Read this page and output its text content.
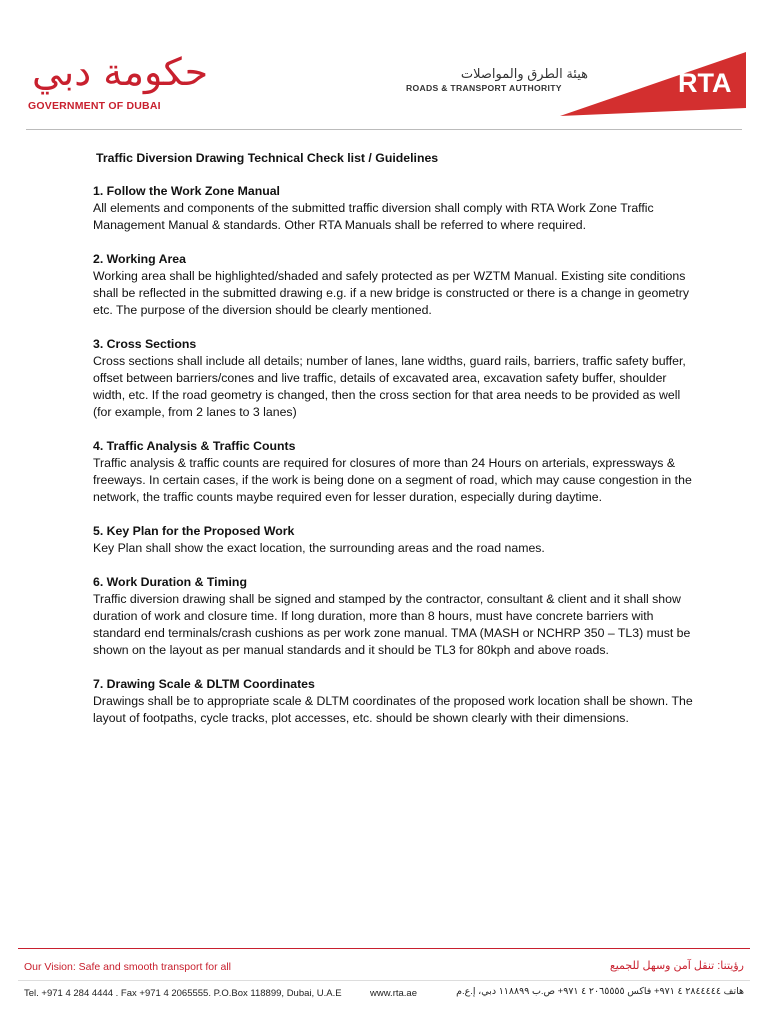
حكومة دبي
GOVERNMENT OF DUBAI
هيئة الطرق والمواصلات
ROADS & TRANSPORT AUTHORITY	RTA
Traffic Diversion Drawing Technical Check list / Guidelines
1. Follow the Work Zone Manual

All elements and components of the submitted traffic diversion shall comply with RTA Work Zone Traffic Management Manual & standards. Other RTA Manuals shall be referred to where required.

2. Working Area

Working area shall be highlighted/shaded and safely protected as per WZTM Manual. Existing site conditions shall be reflected in the submitted drawing e.g. if a new bridge is constructed or there is a change in geometry etc. The purpose of the diversion should be clearly mentioned.

3. Cross Sections

Cross sections shall include all details; number of lanes, lane widths, guard rails, barriers, traffic safety buffer, offset between barriers/cones and live traffic, details of excavated area, excavation safety buffer, shoulder width, etc. If the road geometry is changed, then the cross section for that area needs to be provided as well (for example, from 2 lanes to 3 lanes)

4. Traffic Analysis & Traffic Counts

Traffic analysis & traffic counts are required for closures of more than 24 Hours on arterials, expressways & freeways. In certain cases, if the work is being done on a segment of road, which may cause congestion in the network, the traffic counts maybe required even for lesser duration, especially during daytime.

5. Key Plan for the Proposed Work

Key Plan shall show the exact location, the surrounding areas and the road names.

6. Work Duration & Timing

Traffic diversion drawing shall be signed and stamped by the contractor, consultant & client and it shall show duration of work and closure time. If long duration, more than 8 hours, must have concrete barriers with standard end terminals/crash cushions as per work zone manual. TMA (MASH or NCHRP 350 – TL3) must be shown on the layout as per manual standards and it should be TL3 for 80kph and above roads.

7. Drawing Scale & DLTM Coordinates

Drawings shall be to appropriate scale & DLTM coordinates of the proposed work location shall be shown. The layout of footpaths, cycle tracks, plot accesses, etc. should be shown clearly with their dimensions.

Our Vision: Safe and smooth transport for all	رؤيتنا: تنقل آمن وسهل للجميع
Tel. +971 4 284 4444 . Fax +971 4 2065555. P.O.Box 118899, Dubai, U.A.E	www.rta.ae	هاتف ٢٨٤٤٤٤٤ ٤ ٩٧١+ فاكس ٢٠٦٥٥٥٥ ٤ ٩٧١+ ص.ب ١١٨٨٩٩ دبي، إ.ع.م
